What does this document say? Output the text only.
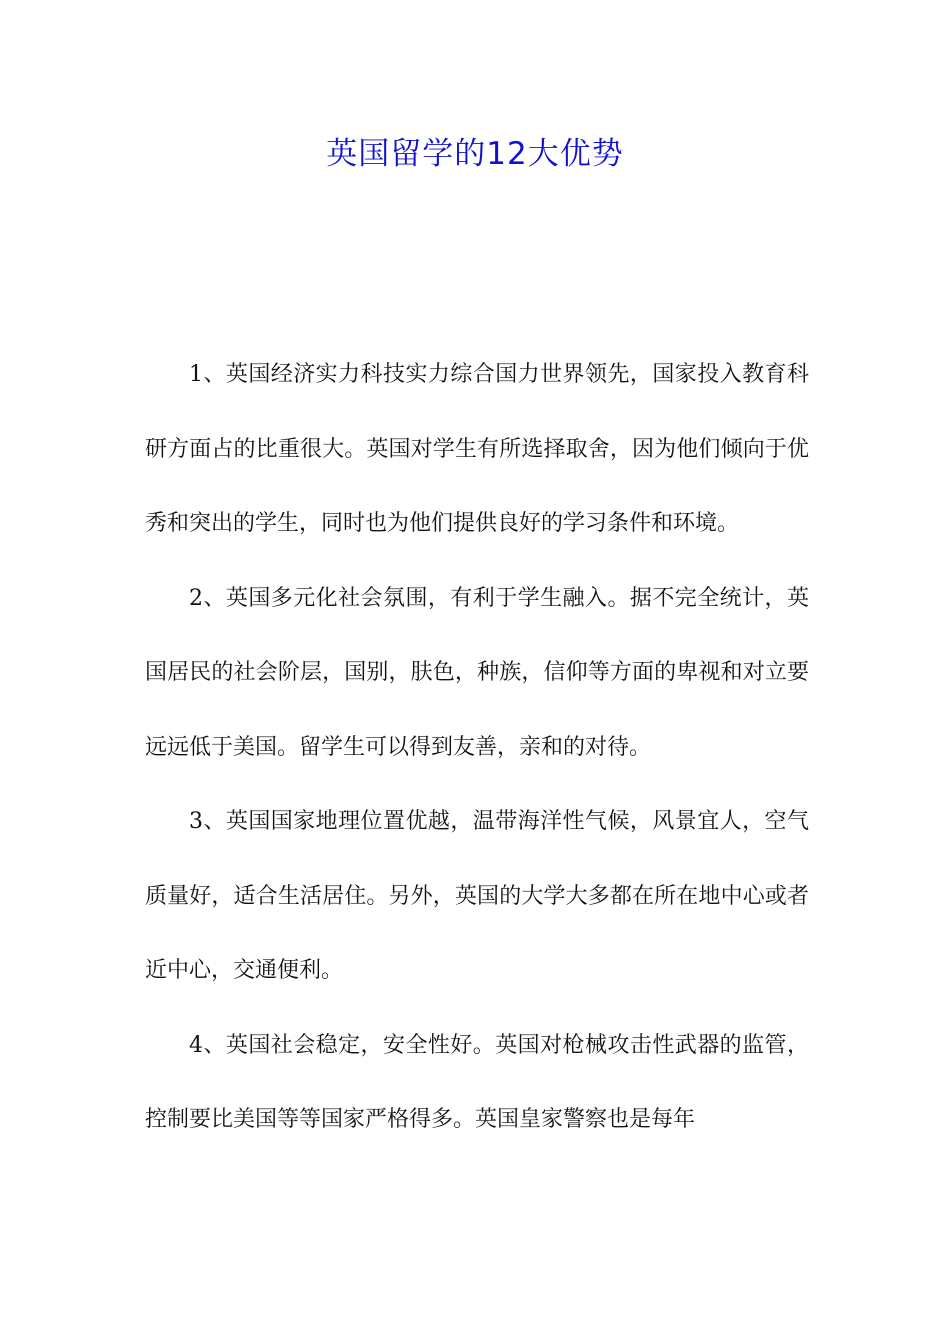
英国留学的12大优势

1、英国经济实力科技实力综合国力世界领先，国家投入教育科研方面占的比重很大。英国对学生有所选择取舍，因为他们倾向于优秀和突出的学生，同时也为他们提供良好的学习条件和环境。

2、英国多元化社会氛围，有利于学生融入。据不完全统计，英国居民的社会阶层，国别，肤色，种族，信仰等方面的卑视和对立要远远低于美国。留学生可以得到友善，亲和的对待。

3、英国国家地理位置优越，温带海洋性气候，风景宜人，空气质量好，适合生活居住。另外，英国的大学大多都在所在地中心或者近中心，交通便利。

4、英国社会稳定，安全性好。英国对枪械攻击性武器的监管，控制要比美国等等国家严格得多。英国皇家警察也是每年
